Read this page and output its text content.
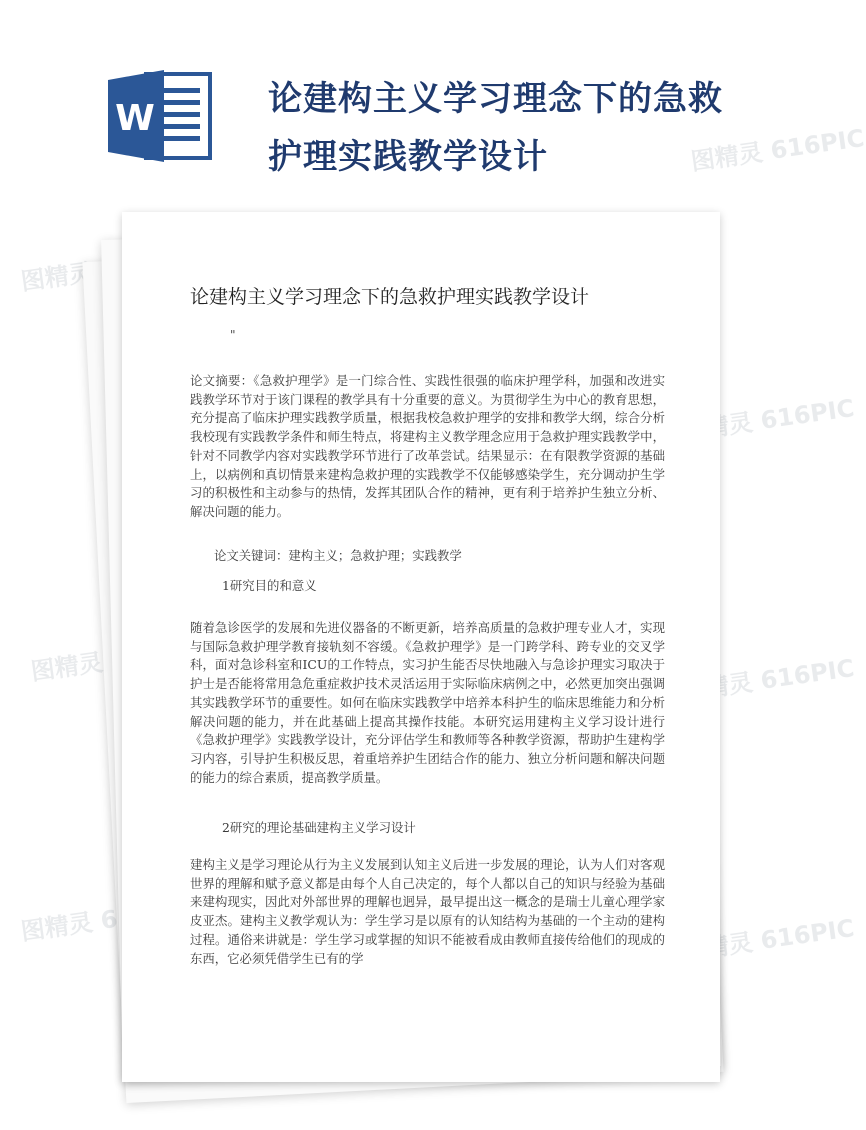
W	论建构主义学习理念下的急救
护理实践教学设计	图精灵 616PIC
图精灵
图精灵 616PIC
图精灵	图精灵 616PIC
图精灵 616PIC	图精灵 616PIC
论建构主义学习理念下的急救护理实践教学设计
"

论文摘要：《急救护理学》是一门综合性、实践性很强的临床护理学科，加强和改进实践教学环节对于该门课程的教学具有十分重要的意义。为贯彻学生为中心的教育思想，充分提高了临床护理实践教学质量，根据我校急救护理学的安排和教学大纲，综合分析我校现有实践教学条件和师生特点，将建构主义教学理念应用于急救护理实践教学中，针对不同教学内容对实践教学环节进行了改革尝试。结果显示：在有限教学资源的基础上，以病例和真切情景来建构急救护理的实践教学不仅能够感染学生，充分调动护生学习的积极性和主动参与的热情，发挥其团队合作的精神，更有利于培养护生独立分析、解决问题的能力。

论文关键词：建构主义；急救护理；实践教学
1研究目的和意义

随着急诊医学的发展和先进仪器备的不断更新，培养高质量的急救护理专业人才，实现与国际急救护理学教育接轨刻不容缓。《急救护理学》是一门跨学科、跨专业的交叉学科，面对急诊科室和ICU的工作特点，实习护生能否尽快地融入与急诊护理实习取决于护士是否能将常用急危重症救护技术灵活运用于实际临床病例之中，必然更加突出强调其实践教学环节的重要性。如何在临床实践教学中培养本科护生的临床思维能力和分析解决问题的能力，并在此基础上提高其操作技能。本研究运用建构主义学习设计进行《急救护理学》实践教学设计，充分评估学生和教师等各种教学资源，帮助护生建构学习内容，引导护生积极反思，着重培养护生团结合作的能力、独立分析问题和解决问题的能力的综合素质，提高教学质量。

2研究的理论基础建构主义学习设计

建构主义是学习理论从行为主义发展到认知主义后进一步发展的理论，认为人们对客观世界的理解和赋予意义都是由每个人自己决定的，每个人都以自己的知识与经验为基础来建构现实，因此对外部世界的理解也迥异，最早提出这一概念的是瑞士儿童心理学家皮亚杰。建构主义教学观认为：学生学习是以原有的认知结构为基础的一个主动的建构过程。通俗来讲就是：学生学习或掌握的知识不能被看成由教师直接传给他们的现成的东西，它必须凭借学生已有的学
